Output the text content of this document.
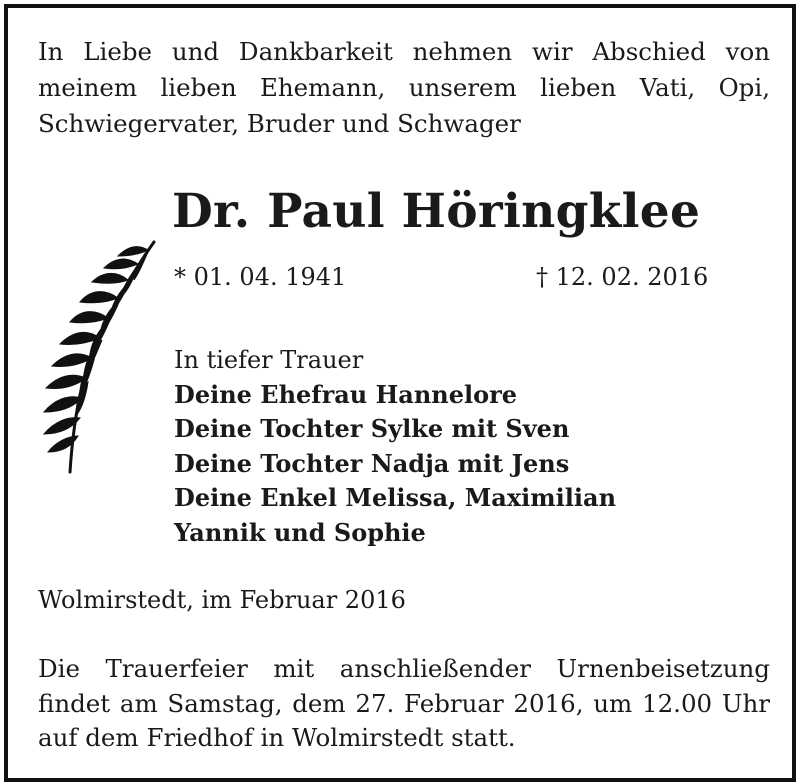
In Liebe und Dankbarkeit nehmen wir Abschied von
meinem lieben Ehemann, unserem lieben Vati, Opi,
Schwiegervater, Bruder und Schwager
Dr. Paul Höringklee
* 01. 04. 1941	† 12. 02. 2016
In tiefer Trauer
Deine Ehefrau Hannelore
Deine Tochter Sylke mit Sven
Deine Tochter Nadja mit Jens
Deine Enkel Melissa, Maximilian
Yannik und Sophie
Wolmirstedt, im Februar 2016
Die Trauerfeier mit anschließender Urnenbeisetzung
findet am Samstag, dem 27. Februar 2016, um 12.00 Uhr
auf dem Friedhof in Wolmirstedt statt.
